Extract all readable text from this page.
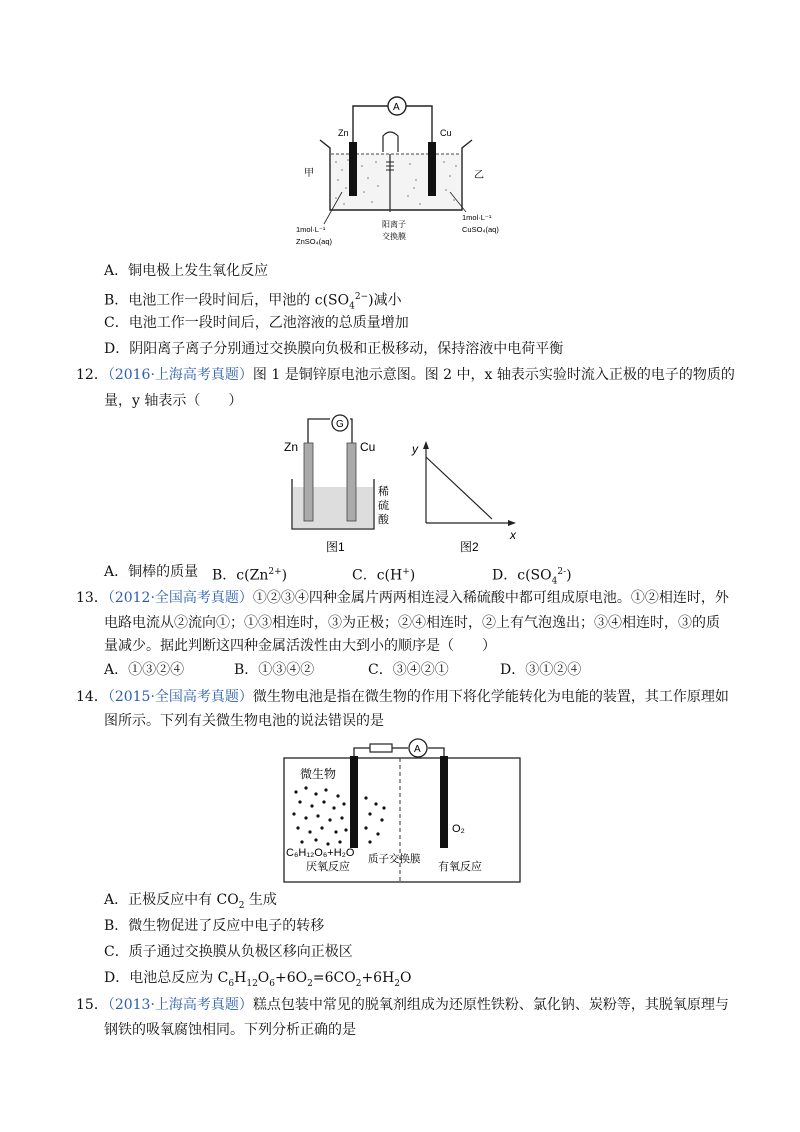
A
Zn	Cu
甲	乙
1mol·L⁻¹
ZnSO₄(aq)
阳离子
交换膜
1mol·L⁻¹
CuSO₄(aq)
A．铜电极上发生氧化反应
B．电池工作一段时间后，甲池的 $c(SO_4^{2-})$减小
C．电池工作一段时间后，乙池溶液的总质量增加
D．阴阳离子离子分别通过交换膜向负极和正极移动，保持溶液中电荷平衡
12．（2016·上海高考真题）图 1 是铜锌原电池示意图。图 2 中，x 轴表示实验时流入正极的电子的物质的
量，y 轴表示（　　）
G
Zn	Cu
稀
硫
酸
图1
y
x
图2
A．铜棒的质量 B．$c(Zn^{2+})$	C．c(H+)	D．$c(SO_4^{2-})$
13．（2012·全国高考真题）①②③④四种金属片两两相连浸入稀硫酸中都可组成原电池。①②相连时，外
电路电流从②流向①；①③相连时，③为正极；②④相连时，②上有气泡逸出；③④相连时，③的质
量减少。据此判断这四种金属活泼性由大到小的顺序是（　　）
A．①③②④	B．①③④②	C．③④②①	D．③①②④
14．（2015·全国高考真题）微生物电池是指在微生物的作用下将化学能转化为电能的装置，其工作原理如
图所示。下列有关微生物电池的说法错误的是
A
微生物
O₂
C₆H₁₂O₆+H₂O
厌氧反应
质子交换膜
有氧反应
A．正极反应中有 $CO_2$ 生成
B．微生物促进了反应中电子的转移
C．质子通过交换膜从负极区移向正极区
D．电池总反应为 $C_6H_{12}O_6+6O_2=6CO_2+6H_2O$
15．（2013·上海高考真题）糕点包装中常见的脱氧剂组成为还原性铁粉、氯化钠、炭粉等，其脱氧原理与
钢铁的吸氧腐蚀相同。下列分析正确的是
